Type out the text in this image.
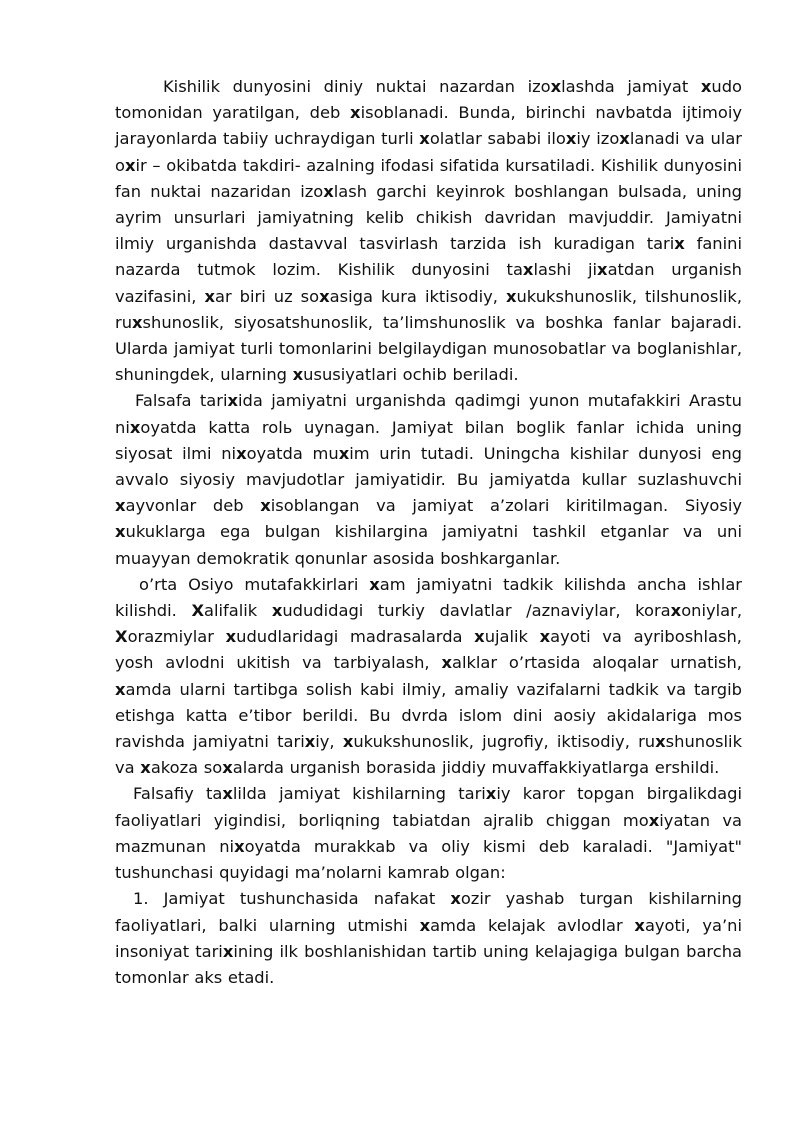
Kishilik dunyosini diniy nuktai nazardan izoxlashda jamiyat xudo tomonidan yaratilgan, deb xisoblanadi. Bunda, birinchi navbatda ijtimoiy jarayonlarda tabiiy uchraydigan turli xolatlar sababi iloxiy izoxlanadi va ular oxir – okibatda takdiri- azalning ifodasi sifatida kursatiladi. Kishilik dunyosini fan nuktai nazaridan izoxlash garchi keyinrok boshlangan bulsada, uning ayrim unsurlari jamiyatning kelib chikish davridan mavjuddir. Jamiyatni ilmiy urganishda dastavval tasvirlash tarzida ish kuradigan tarix fanini nazarda tutmok lozim. Kishilik dunyosini taxlashi jixatdan urganish vazifasini, xar biri uz soxasiga kura iktisodiy, xukukshunoslik, tilshunoslik, ruxshunoslik, siyosatshunoslik, ta’limshunoslik va boshka fanlar bajaradi. Ularda jamiyat turli tomonlarini belgilaydigan munosobatlar va boglanishlar, shuningdek, ularning xususiyatlari ochib beriladi.

Falsafa tarixida jamiyatni urganishda qadimgi yunon mutafakkiri Arastu nixoyatda katta rolь uynagan. Jamiyat bilan boglik fanlar ichida uning siyosat ilmi nixoyatda muxim urin tutadi. Uningcha kishilar dunyosi eng avvalo siyosiy mavjudotlar jamiyatidir. Bu jamiyatda kullar suzlashuvchi xayvonlar deb xisoblangan va jamiyat a’zolari kiritilmagan. Siyosiy xukuklarga ega bulgan kishilargina jamiyatni tashkil etganlar va uni muayyan demokratik qonunlar asosida boshkarganlar.

o’rta Osiyo mutafakkirlari xam jamiyatni tadkik kilishda ancha ishlar kilishdi. Xalifalik xududidagi turkiy davlatlar /aznaviylar, koraxoniylar, Xorazmiylar xududlaridagi madrasalarda xujalik xayoti va ayriboshlash, yosh avlodni ukitish va tarbiyalash, xalklar o’rtasida aloqalar urnatish, xamda ularni tartibga solish kabi ilmiy, amaliy vazifalarni tadkik va targib etishga katta e’tibor berildi. Bu dvrda islom dini aosiy akidalariga mos ravishda jamiyatni tarixiy, xukukshunoslik, jugrofiy, iktisodiy, ruxshunoslik va xakoza soxalarda urganish borasida jiddiy muvaffakkiyatlarga ershildi.

Falsafiy taxlilda jamiyat kishilarning tarixiy karor topgan birgalikdagi faoliyatlari yigindisi, borliqning tabiatdan ajralib chiggan moxiyatan va mazmunan nixoyatda murakkab va oliy kismi deb karaladi. "Jamiyat" tushunchasi quyidagi ma’nolarni kamrab olgan:

1. Jamiyat tushunchasida nafakat xozir yashab turgan kishilarning faoliyatlari, balki ularning utmishi xamda kelajak avlodlar xayoti, ya’ni insoniyat tarixining ilk boshlanishidan tartib uning kelajagiga bulgan barcha tomonlar aks etadi.
